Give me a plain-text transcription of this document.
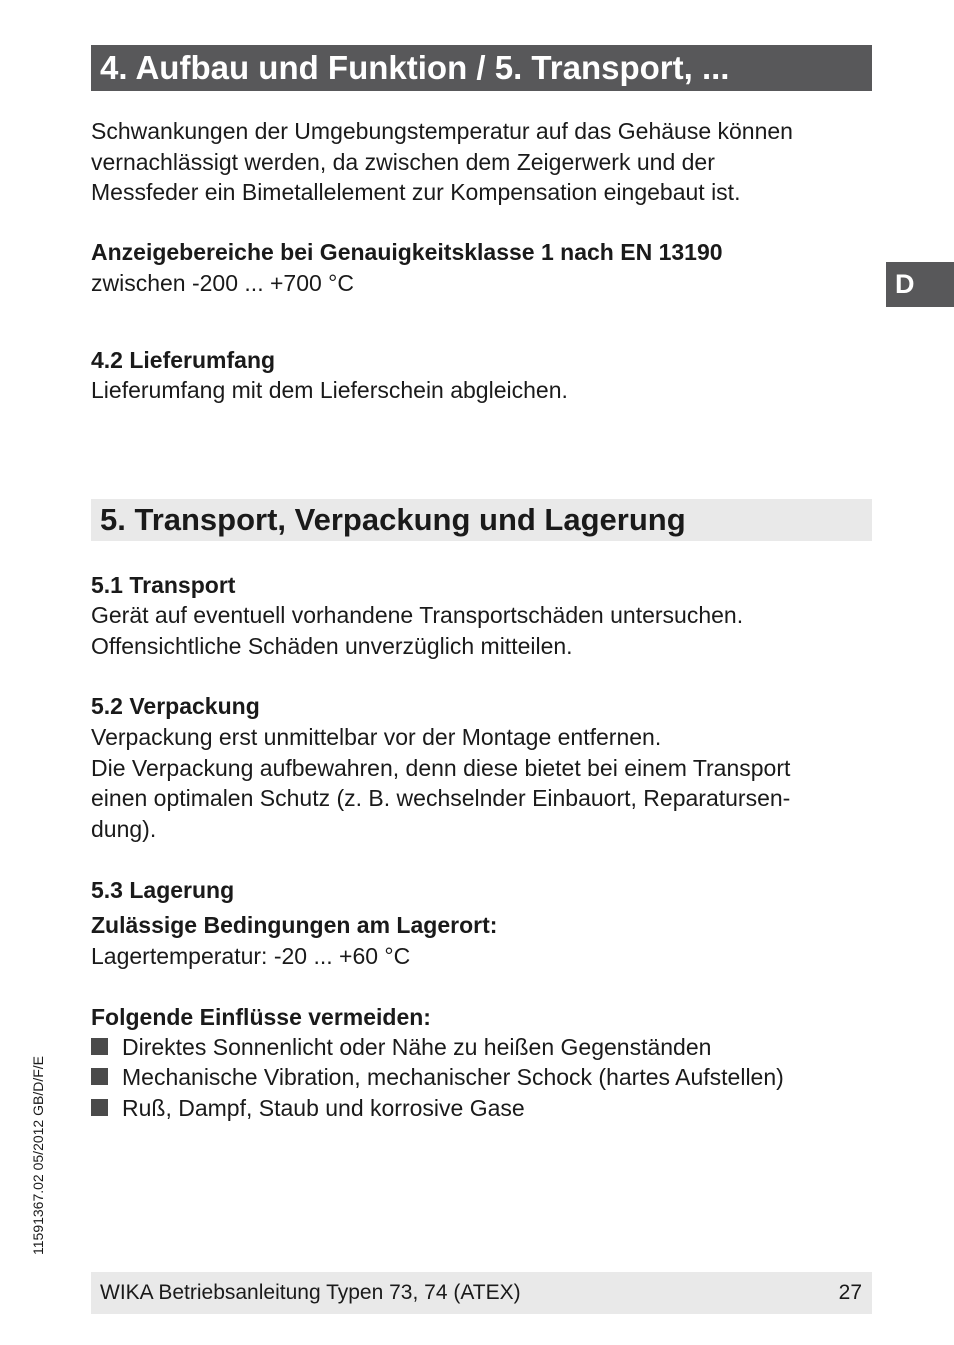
4. Aufbau und Funktion / 5. Transport, ...
D
Schwankungen der Umgebungstemperatur auf das Gehäuse können
vernachlässigt werden, da zwischen dem Zeigerwerk und der
Messfeder ein Bimetallelement zur Kompensation eingebaut ist.
Anzeigebereiche bei Genauigkeitsklasse 1 nach EN 13190
zwischen -200 ... +700 °C
4.2 Lieferumfang
Lieferumfang mit dem Lieferschein abgleichen.
5. Transport, Verpackung und Lagerung
5.1 Transport
Gerät auf eventuell vorhandene Transportschäden untersuchen.
Offensichtliche Schäden unverzüglich mitteilen.
5.2 Verpackung
Verpackung erst unmittelbar vor der Montage entfernen.
Die Verpackung aufbewahren, denn diese bietet bei einem Transport
einen optimalen Schutz (z. B. wechselnder Einbauort, Reparatursen-
dung).
5.3 Lagerung
Zulässige Bedingungen am Lagerort:
Lagertemperatur: -20 ... +60 °C
Folgende Einflüsse vermeiden:
Direktes Sonnenlicht oder Nähe zu heißen Gegenständen
Mechanische Vibration, mechanischer Schock (hartes Aufstellen)
Ruß, Dampf, Staub und korrosive Gase
11591367.02 05/2012 GB/D/F/E
WIKA Betriebsanleitung Typen 73, 74 (ATEX)	27
